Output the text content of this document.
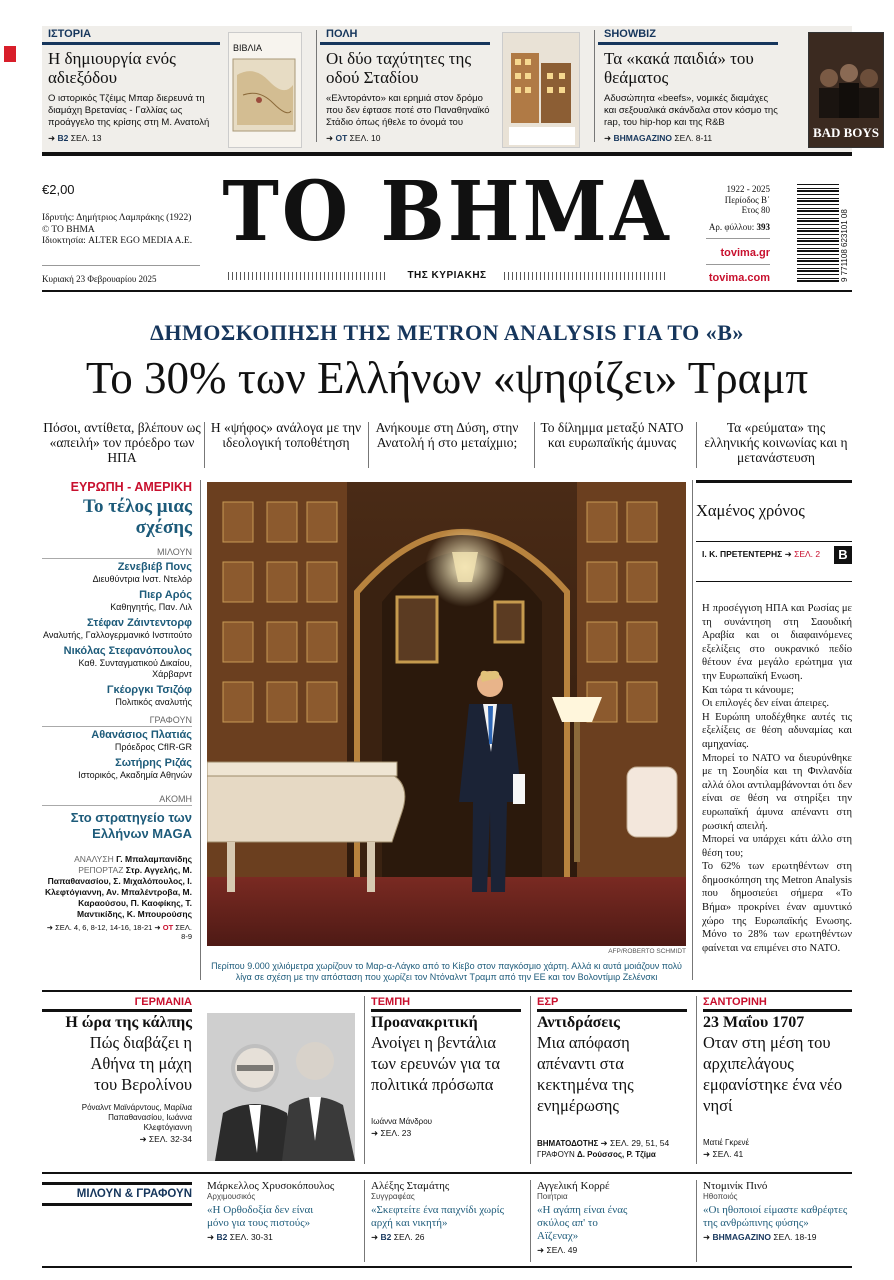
ΙΣΤΟΡΙΑ
Η δημιουργία ενός αδιεξόδου
Ο ιστορικός Τζέιμς Μπαρ διερευνά τη διαμάχη Βρετανίας - Γαλλίας ως προάγγελο της κρίσης στη Μ. Ανατολή
➜ Β2 ΣΕΛ. 13
ΒΙΒΛΙΑ
ΠΟΛΗ
Οι δύο ταχύτητες της οδού Σταδίου
«Ελντοράντο» και ερημιά στον δρόμο που δεν έφτασε ποτέ στο Παναθηναϊκό Στάδιο όπως ήθελε το όνομά του
➜ ΟΤ ΣΕΛ. 10
SHOWBIZ
Τα «κακά παιδιά» του θεάματος
Αδυσώπητα «beefs», νομικές διαμάχες και σεξουαλικά σκάνδαλα στον κόσμο της rap, του hip-hop και της R&B
➜ ΒΗMAGAZINO ΣΕΛ. 8-11	BAD BOYS
€2,00
Ιδρυτής: Δημήτριος Λαμπράκης (1922)
© ΤΟ ΒΗΜΑ
Ιδιοκτησία: ALTER EGO MEDIA A.E.
Κυριακή 23 Φεβρουαρίου 2025
ΤΟ ΒΗΜΑ
ΤΗΣ ΚΥΡΙΑΚΗΣ
1922 - 2025
Περίοδος Β΄
Ετος 80
Αρ. φύλλου: 393
tovima.gr
tovima.com	9 771108 623101 08
ΔΗΜΟΣΚΟΠΗΣΗ ΤΗΣ METRON ANALYSIS ΓΙΑ ΤΟ «Β»
Το 30% των Ελλήνων «ψηφίζει» Τραμπ
Πόσοι, αντίθετα, βλέπουν ως «απειλή» τον πρόεδρο των ΗΠΑ
Η «ψήφος» ανάλογα με την ιδεολογική τοποθέτηση
Ανήκουμε στη Δύση, στην Ανατολή ή στο μεταίχμιο;
Το δίλημμα μεταξύ ΝΑΤΟ και ευρωπαϊκής άμυνας
Τα «ρεύματα» της ελληνικής κοινωνίας και η μετανάστευση
ΕΥΡΩΠΗ - ΑΜΕΡΙΚΗ
Το τέλος μιας σχέσης
ΜΙΛΟΥΝ
Ζενεβιέβ Πονς
Διευθύντρια Ινστ. Ντελόρ
Πιερ Αρός
Καθηγητής, Παν. Λιλ
Στέφαν Ζάιντεντορφ
Αναλυτής, Γαλλογερμανικό Ινστιτούτο
Νικόλας Στεφανόπουλος
Καθ. Συνταγματικού Δικαίου, Χάρβαρντ
Γκέοργκι Τσιζόφ
Πολιτικός αναλυτής
ΓΡΑΦΟΥΝ
Αθανάσιος Πλατιάς
Πρόεδρος CfIR-GR
Σωτήρης Ριζάς
Ιστορικός, Ακαδημία Αθηνών
ΑΚΟΜΗ
Στο στρατηγείο των Ελλήνων MAGA
ΑΝΑΛΥΣΗ Γ. Μπαλαμπανίδης
ΡΕΠΟΡΤΑΖ Στρ. Αγγελής, Μ. Παπαθανασίου, Σ. Μιχαλόπουλος, Ι. Κλεφτόγιαννη, Αν. Μπαλέντροβα, Μ. Καραούσου, Π. Καοφίκης, Τ. Μαντικίδης, Κ. Μπουρούσης
➜ ΣΕΛ. 4, 6, 8-12, 14-16, 18-21 ➜ ΟΤ ΣΕΛ. 8-9
AFP/ROBERTO SCHMIDT
Περίπου 9.000 χιλιόμετρα χωρίζουν το Μαρ-α-Λάγκο από το Κίεβο στον παγκόσμιο χάρτη. Αλλά κι αυτά μοιάζουν πολύ λίγα σε σχέση με την απόσταση που χωρίζει τον Ντόναλντ Τραμπ από την ΕΕ και τον Βολοντίμιρ Ζελένσκι
Χαμένος χρόνος
Ι. Κ. ΠΡΕΤΕΝΤΕΡΗΣ ➜ ΣΕΛ. 2	Β

Η προσέγγιση ΗΠΑ και Ρωσίας με τη συνάντηση στη Σαουδική Αραβία και οι διαφαινόμενες εξελίξεις στο ουκρανικό πεδίο θέτουν ένα μεγάλο ερώτημα για την Ευρωπαϊκή Ενωση.

Και τώρα τι κάνουμε;

Οι επιλογές δεν είναι άπειρες.

Η Ευρώπη υποδέχθηκε αυτές τις εξελίξεις σε θέση αδυναμίας και αμηχανίας.

Μπορεί το ΝΑΤΟ να διευρύνθηκε με τη Σουηδία και τη Φινλανδία αλλά όλοι αντιλαμβάνονται ότι δεν είναι σε θέση να στηρίξει την ευρωπαϊκή άμυνα απέναντι στη ρωσική απειλή.

Μπορεί να υπάρχει κάτι άλλο στη θέση του;

Το 62% των ερωτηθέντων στη δημοσκόπηση της Metron Analysis που δημοσιεύει σήμερα «Το Βήμα» προκρίνει έναν αμυντικό χώρο της Ευρωπαϊκής Ενωσης. Μόνο το 28% των ερωτηθέντων φαίνεται να επιμένει στο ΝΑΤΟ.

ΓΕΡΜΑΝΙΑ
Η ώρα της κάλπης
Πώς διαβάζει η Αθήνα τη μάχη του Βερολίνου
Ρόναλντ Μαϊνάρντους, Μαρίλια Παπαθανασίου, Ιωάννα Κλεφτόγιαννη
➜ ΣΕΛ. 32-34
ΤΕΜΠΗ
Προανακριτική
Ανοίγει η βεντάλια των ερευνών για τα πολιτικά πρόσωπα
Ιωάννα Μάνδρου
➜ ΣΕΛ. 23
ΕΣΡ
Αντιδράσεις
Μια απόφαση απέναντι στα κεκτημένα της ενημέρωσης
ΒΗΜΑΤΟΔΟΤΗΣ ➜ ΣΕΛ. 29, 51, 54
ΓΡΑΦΟΥΝ Δ. Ρούσσος, Ρ. Τζίμα
ΣΑΝΤΟΡΙΝΗ
23 Μαΐου 1707
Οταν στη μέση του αρχιπελάγους εμφανίστηκε ένα νέο νησί
Ματιέ Γκρενέ
➜ ΣΕΛ. 41
ΜΙΛΟΥΝ & ΓΡΑΦΟΥΝ
Μάρκελλος Χρυσοκόπουλος
Αρχιμουσικός
«Η Ορθοδοξία δεν είναι μόνο για τους πιστούς»
➜ Β2 ΣΕΛ. 30-31
Αλέξης Σταμάτης
Συγγραφέας
«Σκεφτείτε ένα παιχνίδι χωρίς αρχή και νικητή»
➜ Β2 ΣΕΛ. 26
Αγγελική Κορρέ
Ποιήτρια
«Η αγάπη είναι ένας σκύλος απ' το Αϊζεναχ»
➜ ΣΕΛ. 49
Ντομινίκ Πινό
Ηθοποιός
«Οι ηθοποιοί είμαστε καθρέφτες της ανθρώπινης φύσης»
➜ ΒΗMAGAZINO ΣΕΛ. 18-19
